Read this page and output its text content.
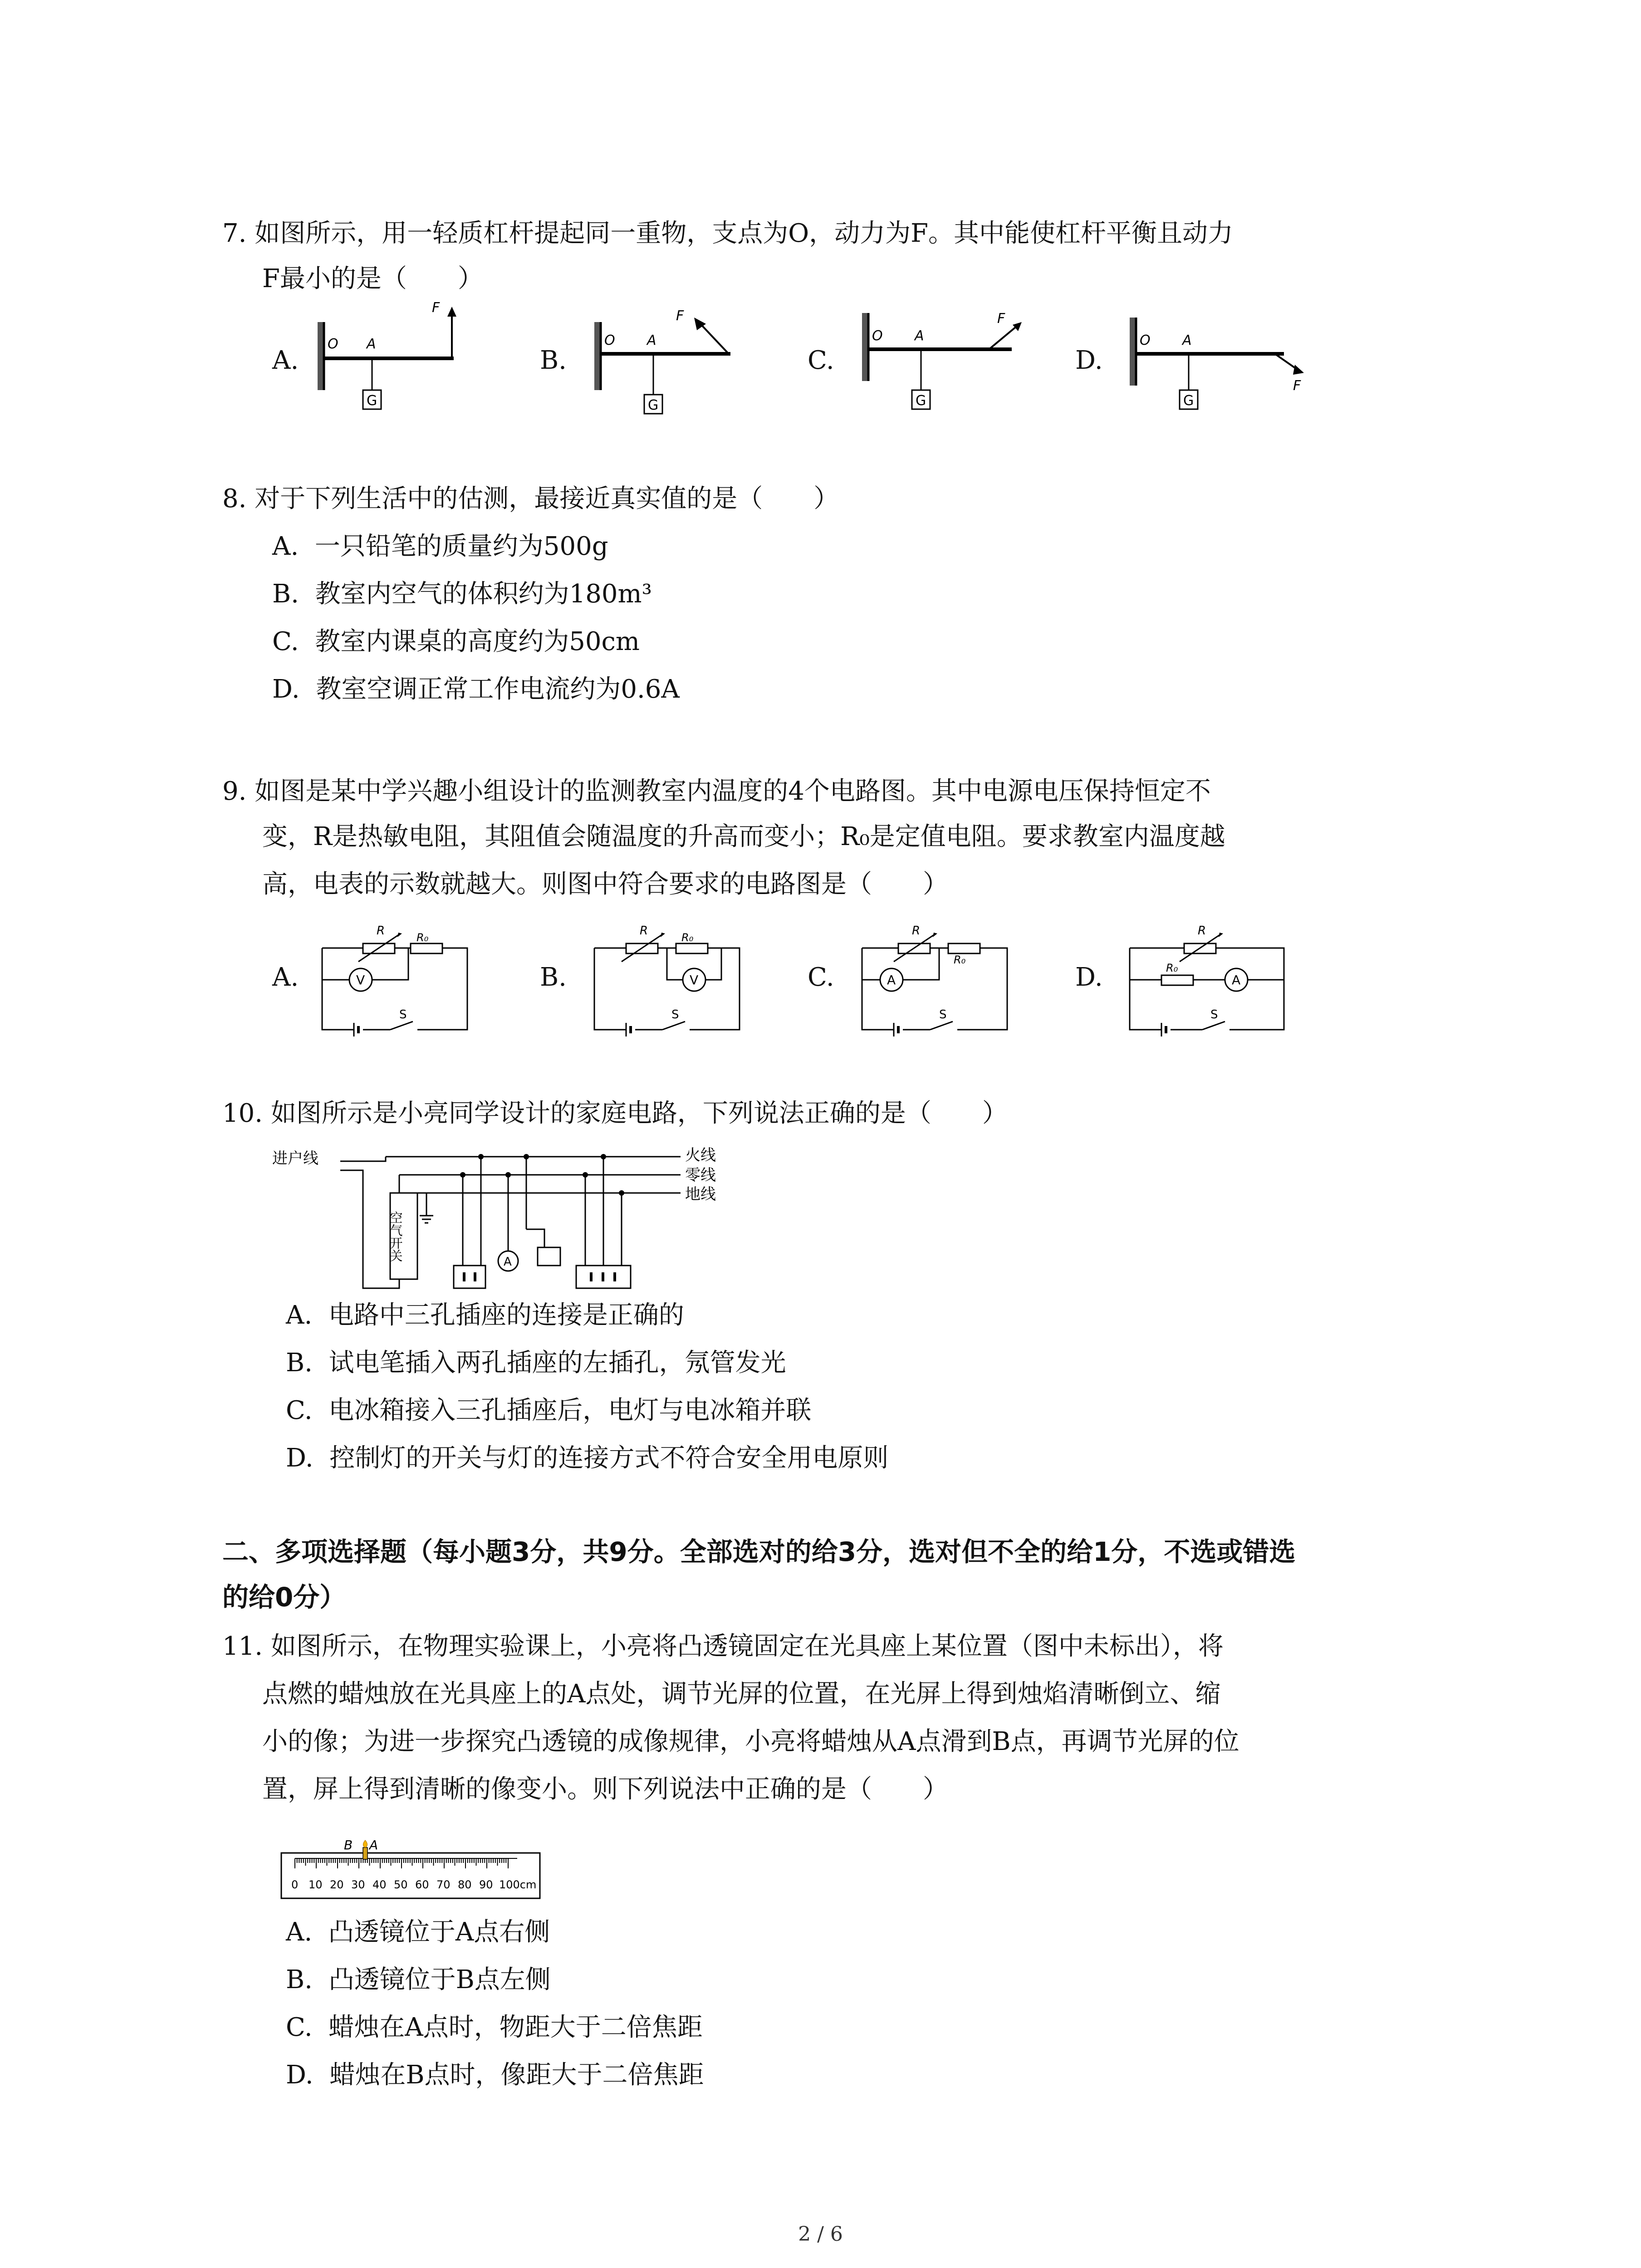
7. 如图所示，用一轻质杠杆提起同一重物，支点为O，动力为F。其中能使杠杆平衡且动力
F最小的是（　　）
A.
G
O A
F
B.
G
O A
F
C.
G
O A
F
D.
G
O A
F
8. 对于下列生活中的估测，最接近真实值的是（　　）
A. 一只铅笔的质量约为500g
B. 教室内空气的体积约为180m³
C. 教室内课桌的高度约为50cm
D. 教室空调正常工作电流约为0.6A
9. 如图是某中学兴趣小组设计的监测教室内温度的4个电路图。其中电源电压保持恒定不
变，R是热敏电阻，其阻值会随温度的升高而变小；R₀是定值电阻。要求教室内温度越
高，电表的示数就越大。则图中符合要求的电路图是（　　）
A.	V
R	R₀
S
B.	V
R	R₀
S
C.	A
R
R₀
S
D.	A
R
R₀
S
10. 如图所示是小亮同学设计的家庭电路，下列说法正确的是（　　）
进户线	火线
零线
地线
空气开关	A
A. 电路中三孔插座的连接是正确的
B. 试电笔插入两孔插座的左插孔，氖管发光
C. 电冰箱接入三孔插座后，电灯与电冰箱并联
D. 控制灯的开关与灯的连接方式不符合安全用电原则
二、多项选择题（每小题3分，共9分。全部选对的给3分，选对但不全的给1分，不选或错选
的给0分）
11. 如图所示，在物理实验课上，小亮将凸透镜固定在光具座上某位置（图中未标出），将
点燃的蜡烛放在光具座上的A点处，调节光屏的位置，在光屏上得到烛焰清晰倒立、缩
小的像；为进一步探究凸透镜的成像规律，小亮将蜡烛从A点滑到B点，再调节光屏的位
置，屏上得到清晰的像变小。则下列说法中正确的是（　　）
B A
0 10 20 30 40 50 60 70 80 90 100cm
A. 凸透镜位于A点右侧
B. 凸透镜位于B点左侧
C. 蜡烛在A点时，物距大于二倍焦距
D. 蜡烛在B点时，像距大于二倍焦距
2 / 6
